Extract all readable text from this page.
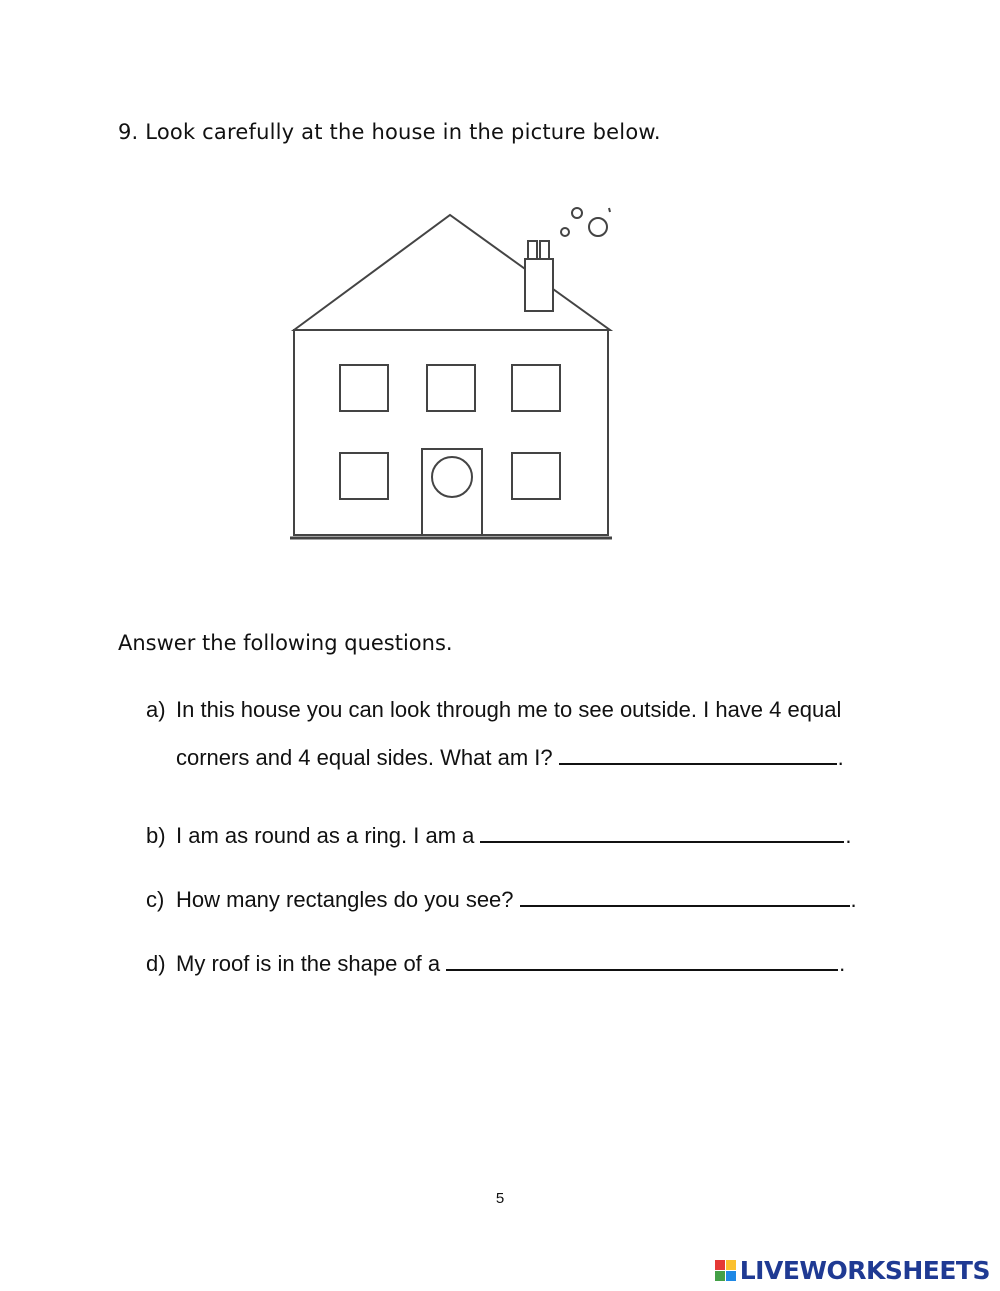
9. Look carefully at the house in the picture below.
Answer the following questions.
a) In this house you can look through me to see outside. I have 4 equal
corners and 4 equal sides. What am I?	.
b) I am as round as a ring. I am a	.
c) How many rectangles do you see?	.
d) My roof is in the shape of a	.
5
LIVEWORKSHEETS
